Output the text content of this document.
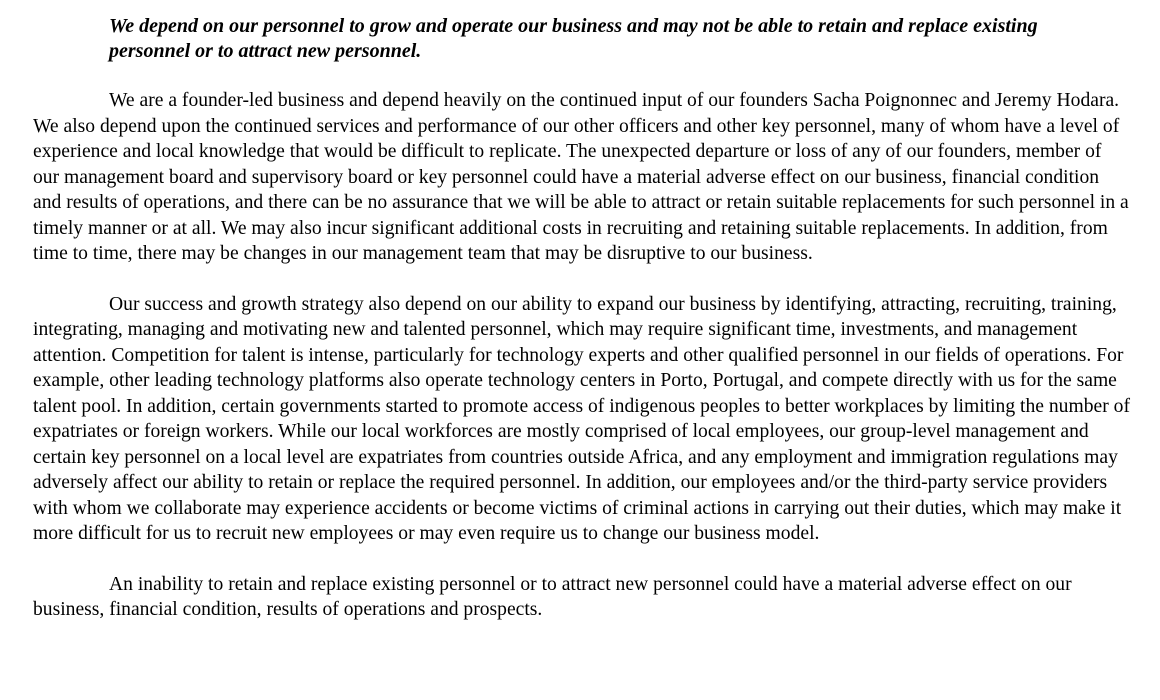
We depend on our personnel to grow and operate our business and may not be able to retain and replace existing personnel or to attract new personnel.

We are a founder-led business and depend heavily on the continued input of our founders Sacha Poignonnec and Jeremy Hodara. We also depend upon the continued services and performance of our other officers and other key personnel, many of whom have a level of experience and local knowledge that would be difficult to replicate. The unexpected departure or loss of any of our founders, member of our management board and supervisory board or key personnel could have a material adverse effect on our business, financial condition and results of operations, and there can be no assurance that we will be able to attract or retain suitable replacements for such personnel in a timely manner or at all. We may also incur significant additional costs in recruiting and retaining suitable replacements. In addition, from time to time, there may be changes in our management team that may be disruptive to our business.

Our success and growth strategy also depend on our ability to expand our business by identifying, attracting, recruiting, training, integrating, managing and motivating new and talented personnel, which may require significant time, investments, and management attention. Competition for talent is intense, particularly for technology experts and other qualified personnel in our fields of operations. For example, other leading technology platforms also operate technology centers in Porto, Portugal, and compete directly with us for the same talent pool. In addition, certain governments started to promote access of indigenous peoples to better workplaces by limiting the number of expatriates or foreign workers. While our local workforces are mostly comprised of local employees, our group-level management and certain key personnel on a local level are expatriates from countries outside Africa, and any employment and immigration regulations may adversely affect our ability to retain or replace the required personnel. In addition, our employees and/or the third-party service providers with whom we collaborate may experience accidents or become victims of criminal actions in carrying out their duties, which may make it more difficult for us to recruit new employees or may even require us to change our business model.

An inability to retain and replace existing personnel or to attract new personnel could have a material adverse effect on our business, financial condition, results of operations and prospects.
